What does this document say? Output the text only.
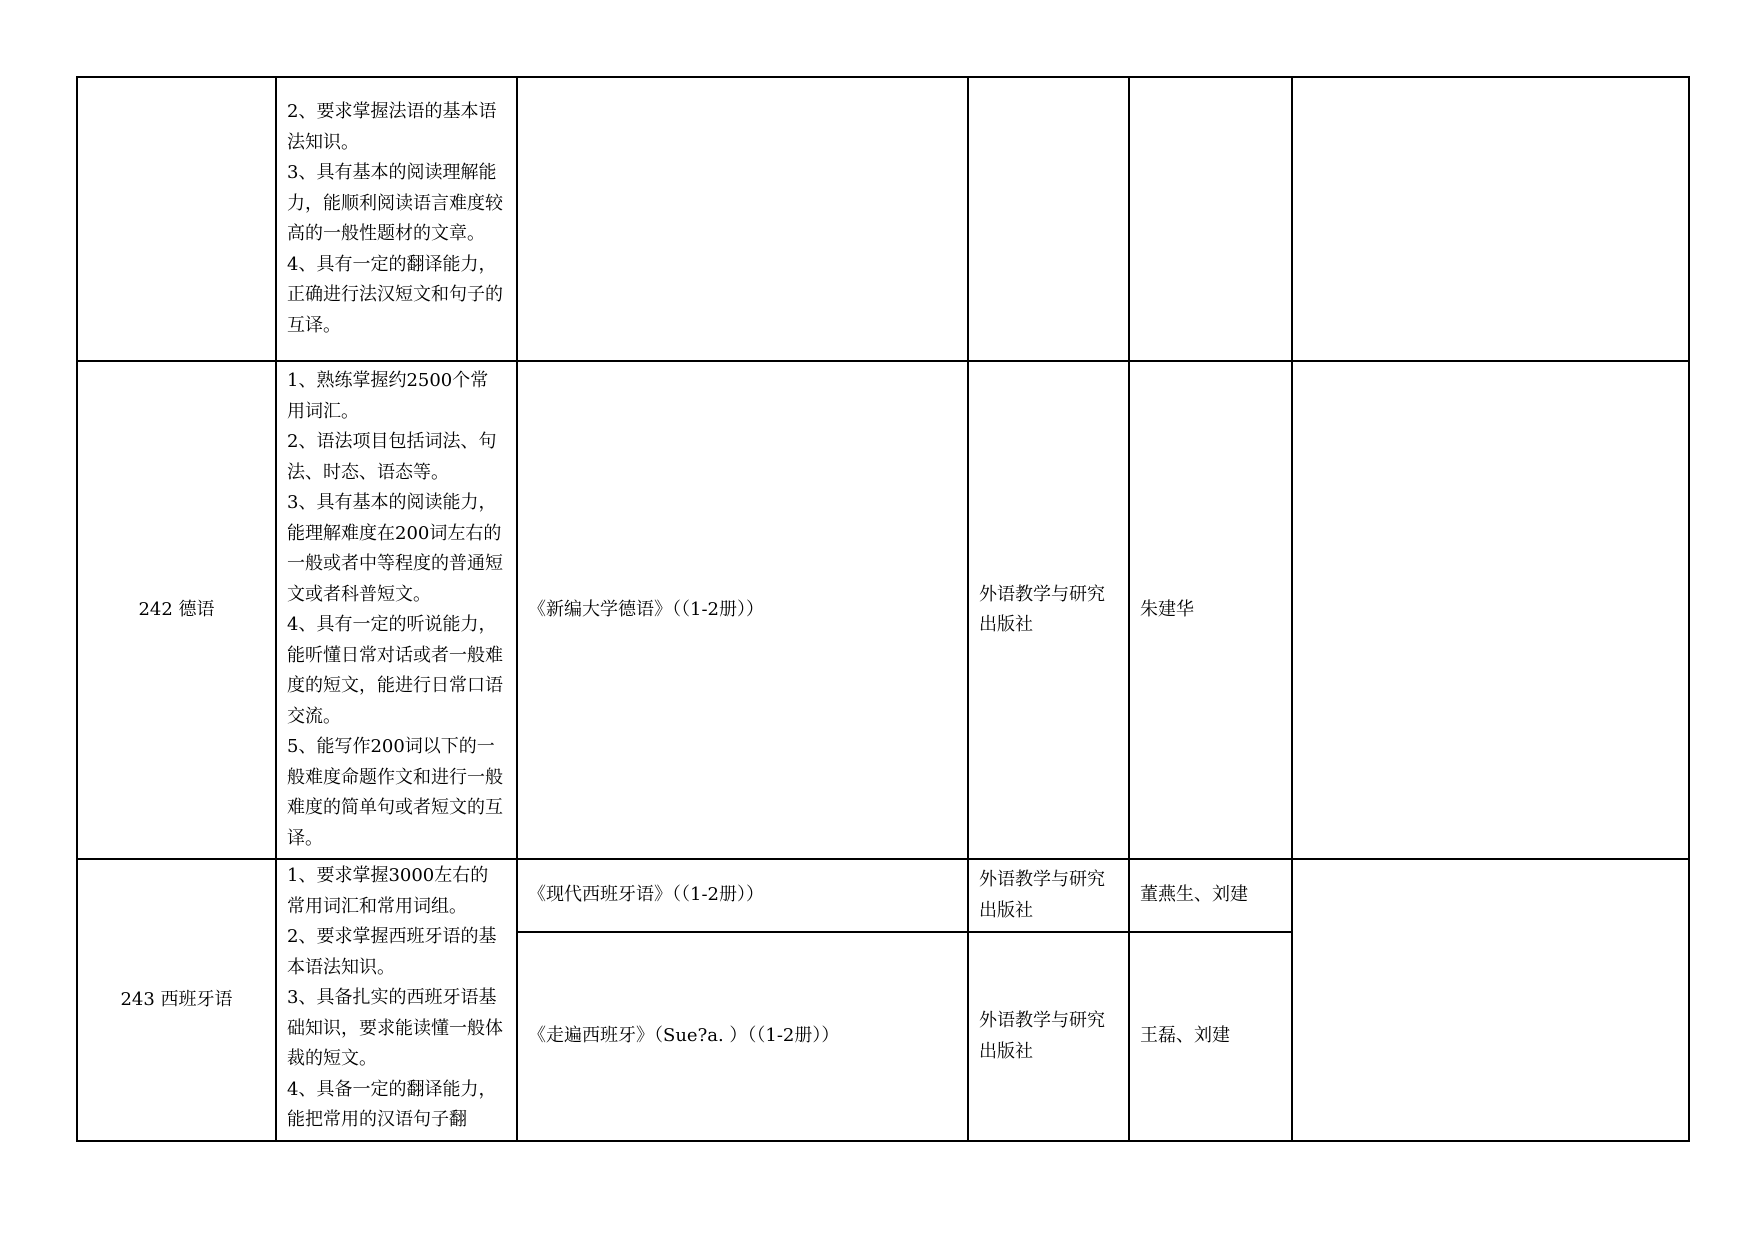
	2、要求掌握法语的基本语法知识。
3、具有基本的阅读理解能力，能顺利阅读语言难度较高的一般性题材的文章。
4、具有一定的翻译能力，正确进行法汉短文和句子的互译。				

242 德语	1、熟练掌握约2500个常用词汇。
2、语法项目包括词法、句法、时态、语态等。
3、具有基本的阅读能力，能理解难度在200词左右的一般或者中等程度的普通短文或者科普短文。
4、具有一定的听说能力，能听懂日常对话或者一般难度的短文，能进行日常口语交流。
5、能写作200词以下的一般难度命题作文和进行一般难度的简单句或者短文的互译。	《新编大学德语》（（1-2册））	外语教学与研究出版社	朱建华	
243 西班牙语	1、要求掌握3000左右的常用词汇和常用词组。
2、要求掌握西班牙语的基本语法知识。
3、具备扎实的西班牙语基础知识，要求能读懂一般体裁的短文。
4、具备一定的翻译能力，能把常用的汉语句子翻	《现代西班牙语》（（1-2册））	外语教学与研究出版社	董燕生、刘建	
		《走遍西班牙》（Sue?a. ）（（1-2册））	外语教学与研究出版社	王磊、刘建	
